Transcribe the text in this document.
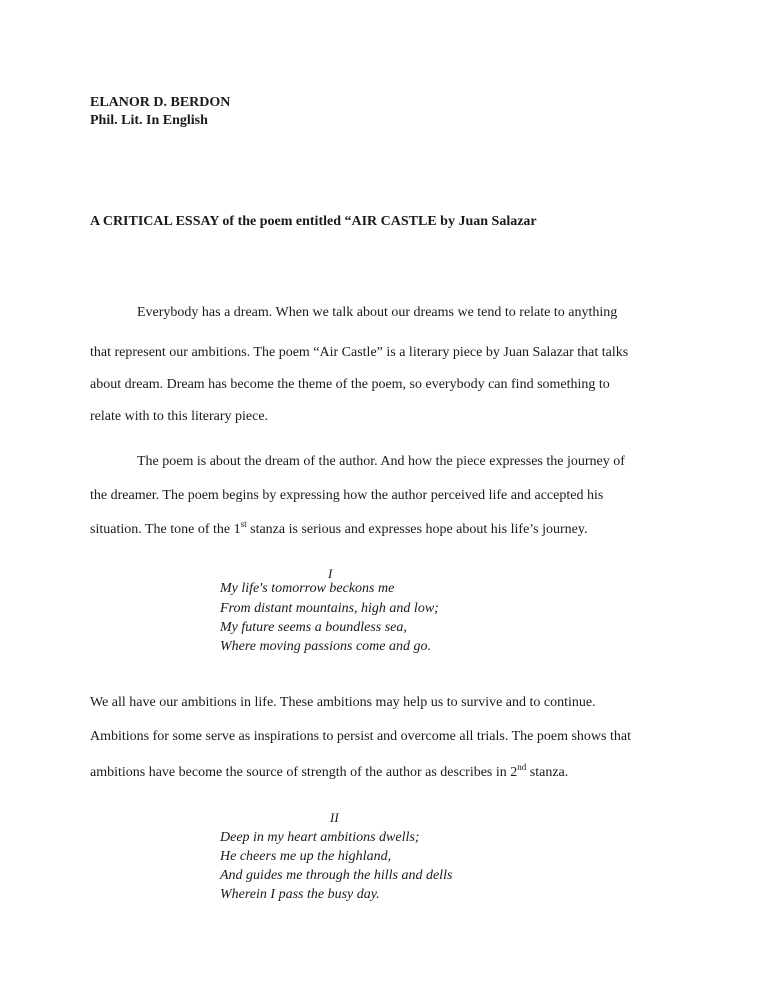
ELANOR D. BERDON
Phil. Lit. In English
A CRITICAL ESSAY of the poem entitled “AIR CASTLE by Juan Salazar
Everybody has a dream. When we talk about our dreams we tend to relate to anything
that represent our ambitions. The poem “Air Castle” is a literary piece by Juan Salazar that talks
about dream. Dream has become the theme of the poem, so everybody can find something to
relate with to this literary piece.
The poem is about the dream of the author. And how the piece expresses the journey of
the dreamer. The poem begins by expressing how the author perceived life and accepted his
situation. The tone of the 1st stanza is serious and expresses hope about his life’s journey.
I
My life's tomorrow beckons me
From distant mountains, high and low;
My future seems a boundless sea,
Where moving passions come and go.
We all have our ambitions in life. These ambitions may help us to survive and to continue.
Ambitions for some serve as inspirations to persist and overcome all trials. The poem shows that
ambitions have become the source of strength of the author as describes in 2nd stanza.
II
Deep in my heart ambitions dwells;
He cheers me up the highland,
And guides me through the hills and dells
Wherein I pass the busy day.
